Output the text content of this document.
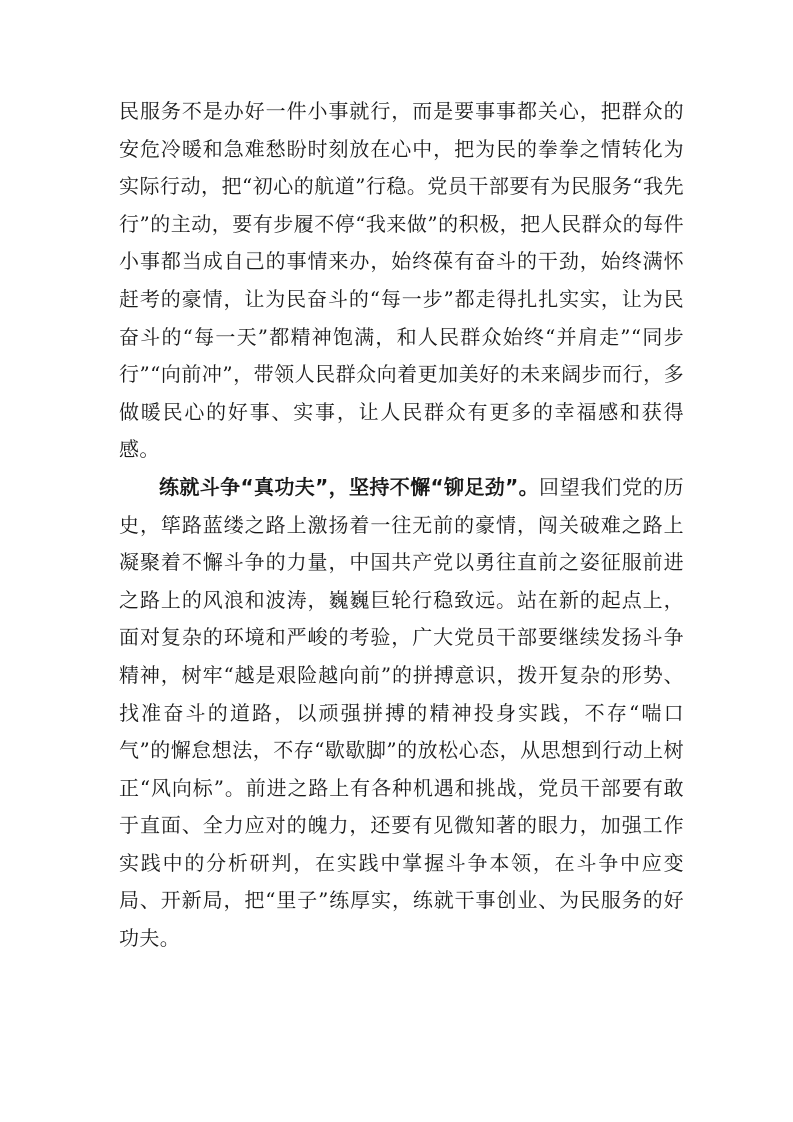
民服务不是办好一件小事就行，而是要事事都关心，把群众的安危冷暖和急难愁盼时刻放在心中，把为民的拳拳之情转化为实际行动，把“初心的航道”行稳。党员干部要有为民服务“我先行”的主动，要有步履不停“我来做”的积极，把人民群众的每件小事都当成自己的事情来办，始终葆有奋斗的干劲，始终满怀赶考的豪情，让为民奋斗的“每一步”都走得扎扎实实，让为民奋斗的“每一天”都精神饱满，和人民群众始终“并肩走”“同步行”“向前冲”，带领人民群众向着更加美好的未来阔步而行，多做暖民心的好事、实事，让人民群众有更多的幸福感和获得感。

练就斗争“真功夫”，坚持不懈“铆足劲”。回望我们党的历史，筚路蓝缕之路上激扬着一往无前的豪情，闯关破难之路上凝聚着不懈斗争的力量，中国共产党以勇往直前之姿征服前进之路上的风浪和波涛，巍巍巨轮行稳致远。站在新的起点上，面对复杂的环境和严峻的考验，广大党员干部要继续发扬斗争精神，树牢“越是艰险越向前”的拼搏意识，拨开复杂的形势、找准奋斗的道路，以顽强拼搏的精神投身实践，不存“喘口气”的懈怠想法，不存“歇歇脚”的放松心态，从思想到行动上树正“风向标”。前进之路上有各种机遇和挑战，党员干部要有敢于直面、全力应对的魄力，还要有见微知著的眼力，加强工作实践中的分析研判，在实践中掌握斗争本领，在斗争中应变局、开新局，把“里子”练厚实，练就干事创业、为民服务的好功夫。
